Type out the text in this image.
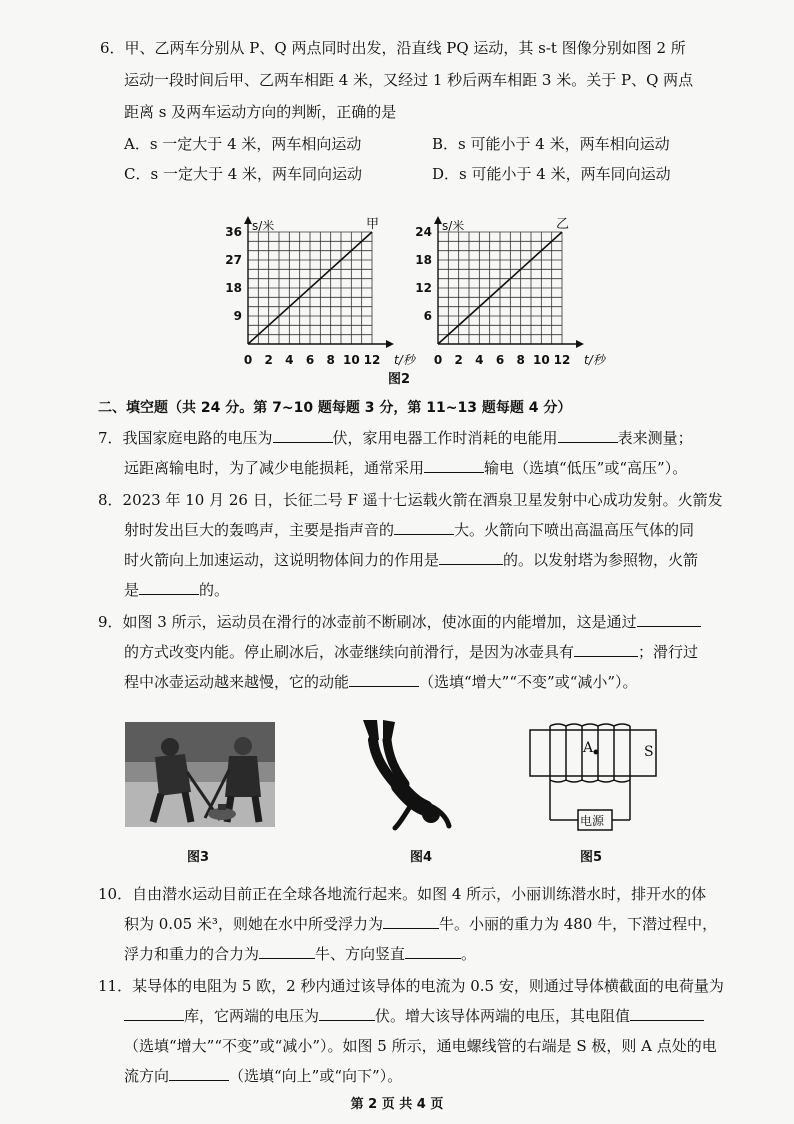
6．甲、乙两车分别从 P、Q 两点同时出发，沿直线 PQ 运动，其 s-t 图像分别如图 2 所
运动一段时间后甲、乙两车相距 4 米，又经过 1 秒后两车相距 3 米。关于 P、Q 两点
距离 s 及两车运动方向的判断，正确的是
A．s 一定大于 4 米，两车相向运动	B．s 可能小于 4 米，两车相向运动
C．s 一定大于 4 米，两车同向运动	D．s 可能小于 4 米，两车同向运动
36
27
18
9
0 2 4 6 8 10 12
s/米
t/秒
甲	24
18
12
6
0 2 4 6 8 10 12
s/米
t/秒
乙
图2
二、填空题（共 24 分。第 7~10 题每题 3 分，第 11~13 题每题 4 分）
7．我国家庭电路的电压为	伏，家用电器工作时消耗的电能用	表来测量；
远距离输电时，为了减少电能损耗，通常采用	输电（选填“低压”或“高压”）。
8．2023 年 10 月 26 日，长征二号 F 遥十七运载火箭在酒泉卫星发射中心成功发射。火箭发
射时发出巨大的轰鸣声，主要是指声音的	大。火箭向下喷出高温高压气体的同
时火箭向上加速运动，这说明物体间力的作用是	的。以发射塔为参照物，火箭
是	的。
9．如图 3 所示，运动员在滑行的冰壶前不断刷冰，使冰面的内能增加，这是通过
的方式改变内能。停止刷冰后，冰壶继续向前滑行，是因为冰壶具有	；滑行过
程中冰壶运动越来越慢，它的动能	（选填“增大”“不变”或“减小”）。
图3	图4
A	S
电源
图5
10．自由潜水运动目前正在全球各地流行起来。如图 4 所示，小丽训练潜水时，排开水的体
积为 0.05 米³，则她在水中所受浮力为	牛。小丽的重力为 480 牛，下潜过程中，
浮力和重力的合力为	牛、方向竖直	。
11．某导体的电阻为 5 欧，2 秒内通过该导体的电流为 0.5 安，则通过导体横截面的电荷量为
库，它两端的电压为	伏。增大该导体两端的电压，其电阻值
（选填“增大”“不变”或“减小”）。如图 5 所示，通电螺线管的右端是 S 极，则 A 点处的电
流方向	（选填“向上”或“向下”）。
第 2 页 共 4 页
